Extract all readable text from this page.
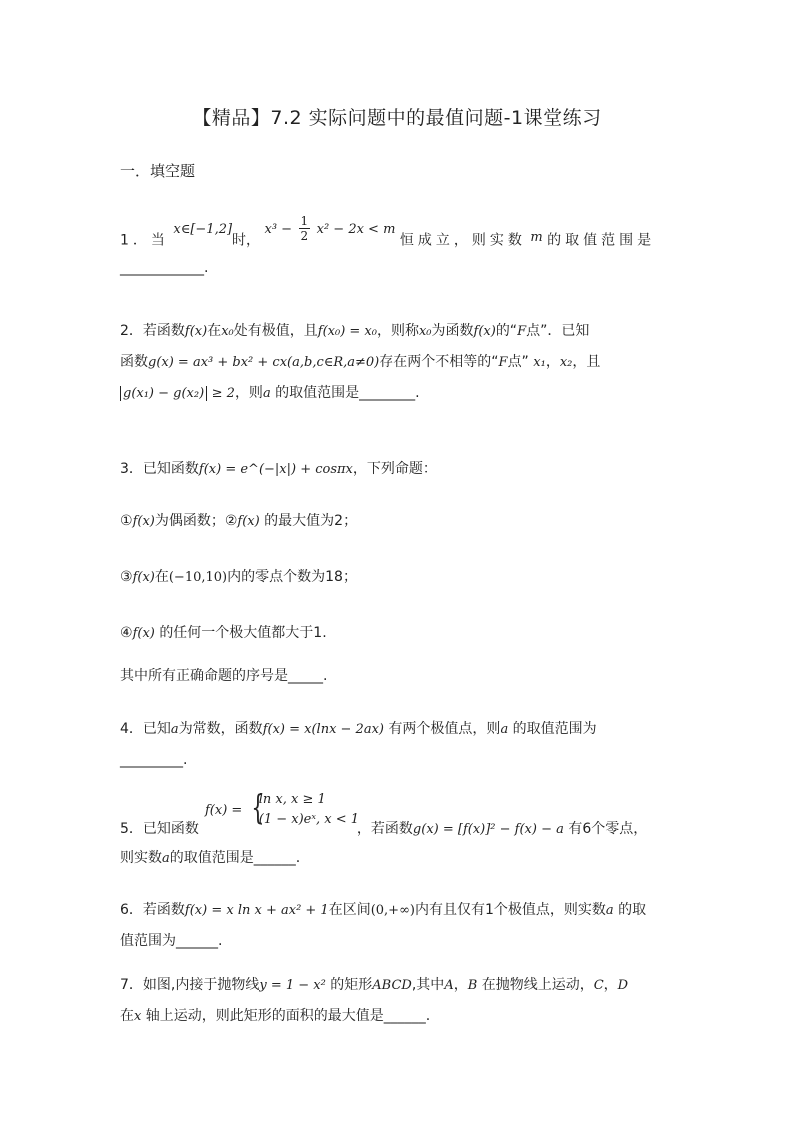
【精品】7.2 实际问题中的最值问题-1课堂练习
一．填空题
1．当 x∈[−1,2]时， $x^3 - \frac{1}{2} x^2 - 2x < m$ 恒成立，则实数 m 的取值范围是
____________.
2．若函数f(x)在x₀处有极值，且f(x₀) = x₀，则称x₀为函数f(x)的“F点”．已知
函数g(x) = ax³ + bx² + cx(a,b,c∈R,a≠0)存在两个不相等的“F点” x₁，x₂，且
g(x₁) − g(x₂) ≥ 2，则a 的取值范围是________.
3．已知函数f(x) = e^(−|x|) + cosπx，下列命题：
①f(x)为偶函数；②f(x) 的最大值为2；
③f(x)在(−10,10)内的零点个数为18；
④f(x) 的任何一个极大值都大于1.
其中所有正确命题的序号是_____.
4．已知a为常数，函数f(x) = x(lnx − 2ax) 有两个极值点，则a 的取值范围为
_________.
f(x) = {
ln x, x ≥ 1
(1 − x)eˣ, x < 1
5．已知函数	，若函数g(x) = [f(x)]² − f(x) − a 有6个零点，
则实数a的取值范围是______.
6．若函数f(x) = x ln x + ax² + 1在区间(0,+∞)内有且仅有1个极值点，则实数a 的取
值范围为______.
7．如图,内接于抛物线y = 1 − x² 的矩形ABCD,其中A，B 在抛物线上运动，C，D
在x 轴上运动，则此矩形的面积的最大值是______.
